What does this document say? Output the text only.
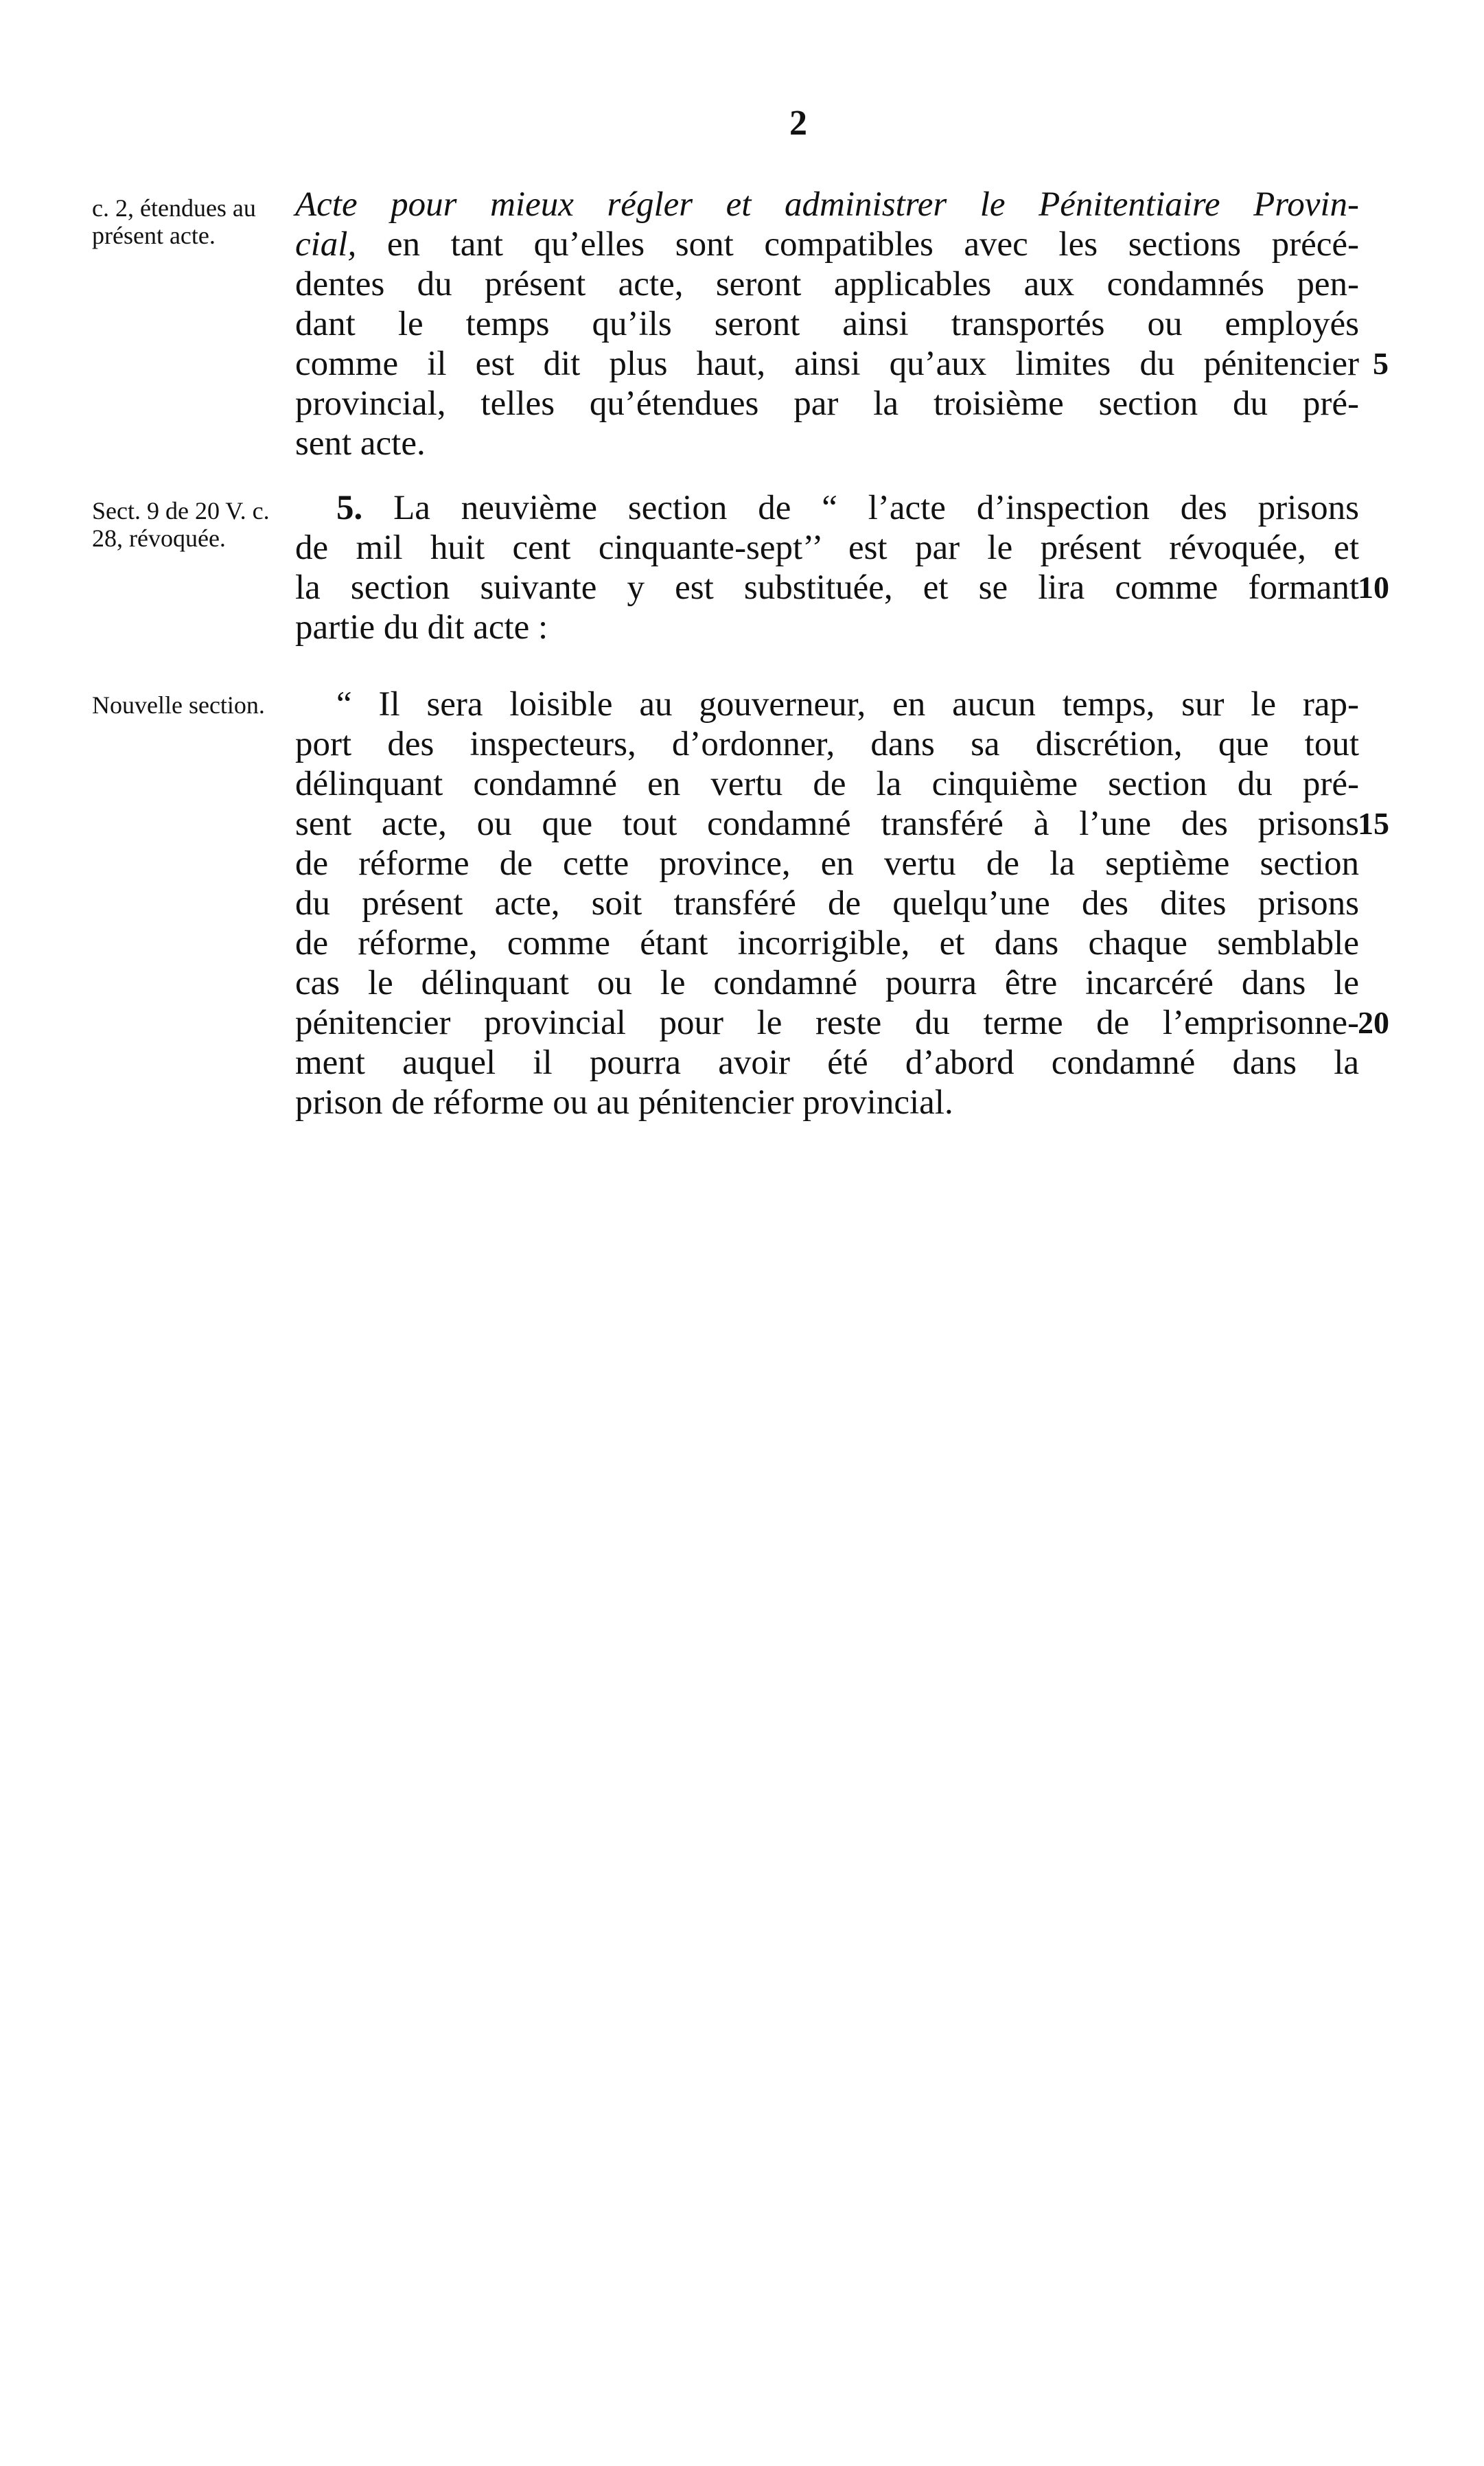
2
c. 2, étendues au présent acte.
Sect. 9 de 20 V. c. 28, révoquée.
Nouvelle section.
Acte pour mieux régler et administrer le Pénitentiaire Provin-
cial, en tant qu’elles sont compatibles avec les sections précé-
dentes du présent acte, seront applicables aux condamnés pen-
dant le temps qu’ils seront ainsi transportés ou employés
comme il est dit plus haut, ainsi qu’aux limites du pénitencier
provincial, telles qu’étendues par la troisième section du pré-
sent acte.
5. La neuvième section de “ l’acte d’inspection des prisons
de mil huit cent cinquante-sept’’ est par le présent révoquée, et
la section suivante y est substituée, et se lira comme formant
partie du dit acte :
“ Il sera loisible au gouverneur, en aucun temps, sur le rap-
port des inspecteurs, d’ordonner, dans sa discrétion, que tout
délinquant condamné en vertu de la cinquième section du pré-
sent acte, ou que tout condamné transféré à l’une des prisons
de réforme de cette province, en vertu de la septième section
du présent acte, soit transféré de quelqu’une des dites prisons
de réforme, comme étant incorrigible, et dans chaque semblable
cas le délinquant ou le condamné pourra être incarcéré dans le
pénitencier provincial pour le reste du terme de l’emprisonne-
ment auquel il pourra avoir été d’abord condamné dans la
prison de réforme ou au pénitencier provincial.
5
10
15
20
